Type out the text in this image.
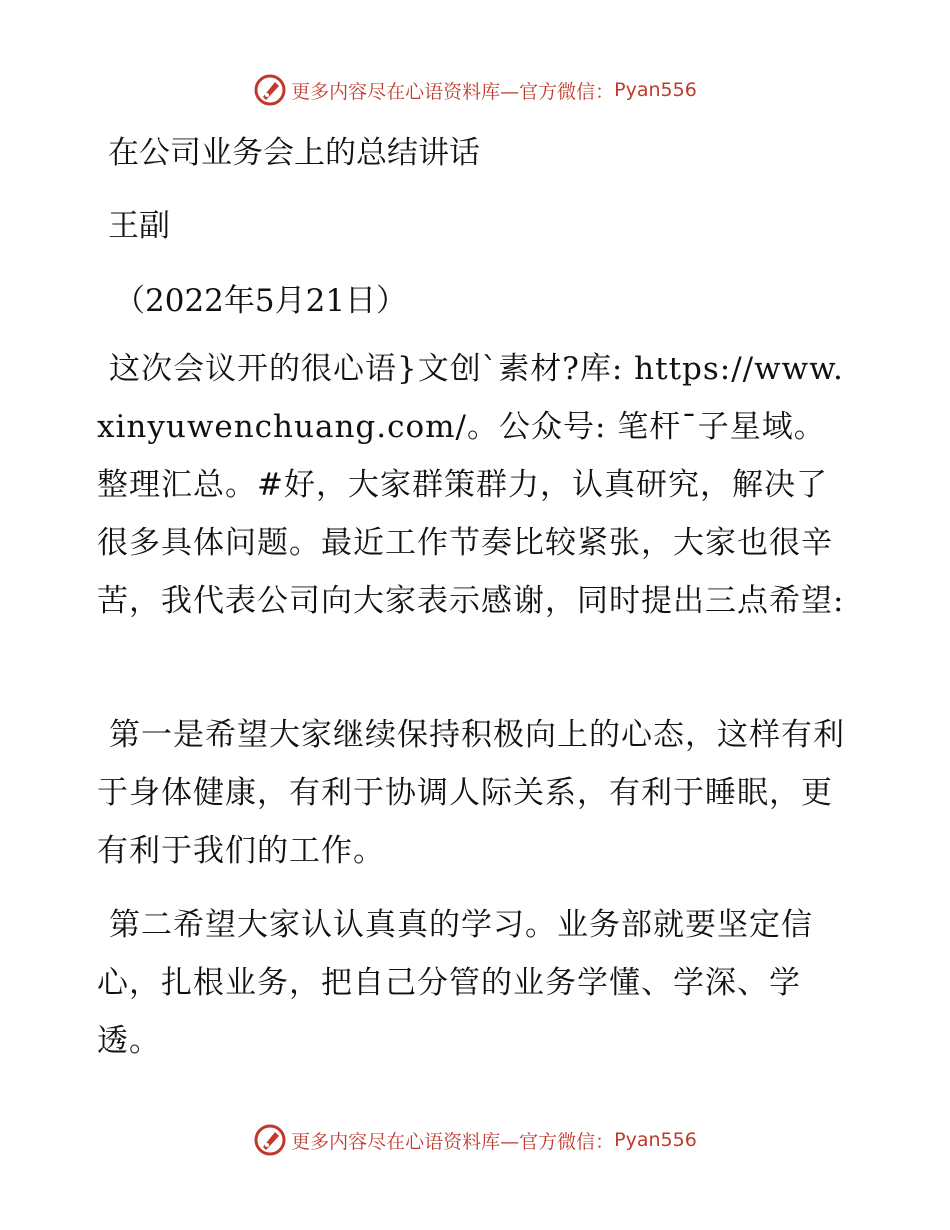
更多内容尽在心语资料库—官方微信： Pyan556
在公司业务会上的总结讲话
王副
（2022年5月21日）

这次会议开的很心语}文创`素材?库: https://www.xinyuwenchuang.com/。公众号: 笔杆¯子星域。整理汇总。#好，大家群策群力，认真研究，解决了很多具体问题。最近工作节奏比较紧张，大家也很辛苦，我代表公司向大家表示感谢，同时提出三点希望:

第一是希望大家继续保持积极向上的心态，这样有利于身体健康，有利于协调人际关系，有利于睡眠，更有利于我们的工作。

第二希望大家认认真真的学习。业务部就要坚定信心，扎根业务，把自己分管的业务学懂、学深、学透。

更多内容尽在心语资料库—官方微信： Pyan556
